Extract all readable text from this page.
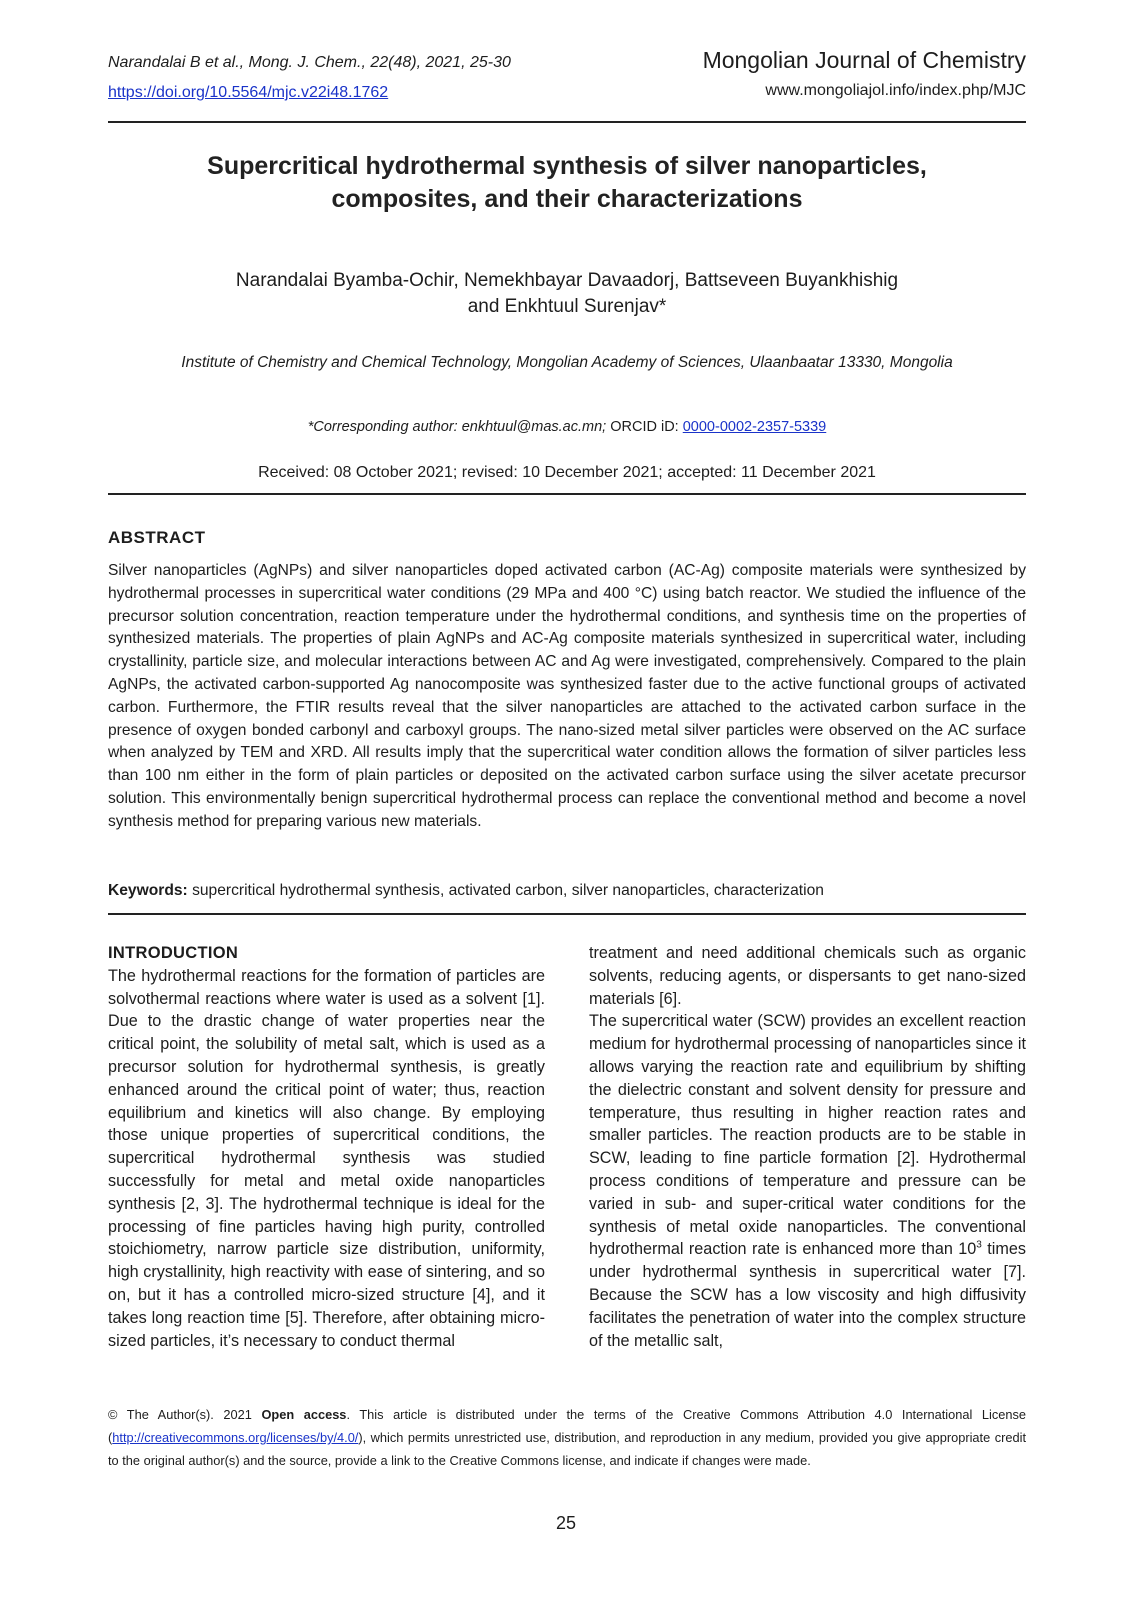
Narandalai B et al., Mong. J. Chem., 22(48), 2021, 25-30
https://doi.org/10.5564/mjc.v22i48.1762
Mongolian Journal of Chemistry
www.mongoliajol.info/index.php/MJC
Supercritical hydrothermal synthesis of silver nanoparticles,
composites, and their characterizations
Narandalai Byamba-Ochir, Nemekhbayar Davaadorj, Battseveen Buyankhishig
and Enkhtuul Surenjav*
Institute of Chemistry and Chemical Technology, Mongolian Academy of Sciences, Ulaanbaatar 13330, Mongolia
*Corresponding author: enkhtuul@mas.ac.mn; ORCID iD: 0000-0002-2357-5339
Received: 08 October 2021; revised: 10 December 2021; accepted: 11 December 2021
ABSTRACT
Silver nanoparticles (AgNPs) and silver nanoparticles doped activated carbon (AC-Ag) composite materials were synthesized by hydrothermal processes in supercritical water conditions (29 MPa and 400 °C) using batch reactor. We studied the influence of the precursor solution concentration, reaction temperature under the hydrothermal conditions, and synthesis time on the properties of synthesized materials. The properties of plain AgNPs and AC-Ag composite materials synthesized in supercritical water, including crystallinity, particle size, and molecular interactions between AC and Ag were investigated, comprehensively. Compared to the plain AgNPs, the activated carbon-supported Ag nanocomposite was synthesized faster due to the active functional groups of activated carbon. Furthermore, the FTIR results reveal that the silver nanoparticles are attached to the activated carbon surface in the presence of oxygen bonded carbonyl and carboxyl groups. The nano-sized metal silver particles were observed on the AC surface when analyzed by TEM and XRD. All results imply that the supercritical water condition allows the formation of silver particles less than 100 nm either in the form of plain particles or deposited on the activated carbon surface using the silver acetate precursor solution. This environmentally benign supercritical hydrothermal process can replace the conventional method and become a novel synthesis method for preparing various new materials.
Keywords: supercritical hydrothermal synthesis, activated carbon, silver nanoparticles, characterization
INTRODUCTION

The hydrothermal reactions for the formation of particles are solvothermal reactions where water is used as a solvent [1]. Due to the drastic change of water properties near the critical point, the solubility of metal salt, which is used as a precursor solution for hydrothermal synthesis, is greatly enhanced around the critical point of water; thus, reaction equilibrium and kinetics will also change. By employing those unique properties of supercritical conditions, the supercritical hydrothermal synthesis was studied successfully for metal and metal oxide nanoparticles synthesis [2, 3]. The hydrothermal technique is ideal for the processing of fine particles having high purity, controlled stoichiometry, narrow particle size distribution, uniformity, high crystallinity, high reactivity with ease of sintering, and so on, but it has a controlled micro-sized structure [4], and it takes long reaction time [5]. Therefore, after obtaining micro-sized particles, it’s necessary to conduct thermal

treatment and need additional chemicals such as organic solvents, reducing agents, or dispersants to get nano-sized materials [6].

The supercritical water (SCW) provides an excellent reaction medium for hydrothermal processing of nanoparticles since it allows varying the reaction rate and equilibrium by shifting the dielectric constant and solvent density for pressure and temperature, thus resulting in higher reaction rates and smaller particles. The reaction products are to be stable in SCW, leading to fine particle formation [2]. Hydrothermal process conditions of temperature and pressure can be varied in sub- and super-critical water conditions for the synthesis of metal oxide nanoparticles. The conventional hydrothermal reaction rate is enhanced more than $10^3$ times under hydrothermal synthesis in supercritical water [7]. Because the SCW has a low viscosity and high diffusivity facilitates the penetration of water into the complex structure of the metallic salt,

© The Author(s). 2021 Open access. This article is distributed under the terms of the Creative Commons Attribution 4.0 International License (http://creativecommons.org/licenses/by/4.0/), which permits unrestricted use, distribution, and reproduction in any medium, provided you give appropriate credit to the original author(s) and the source, provide a link to the Creative Commons license, and indicate if changes were made.
25
